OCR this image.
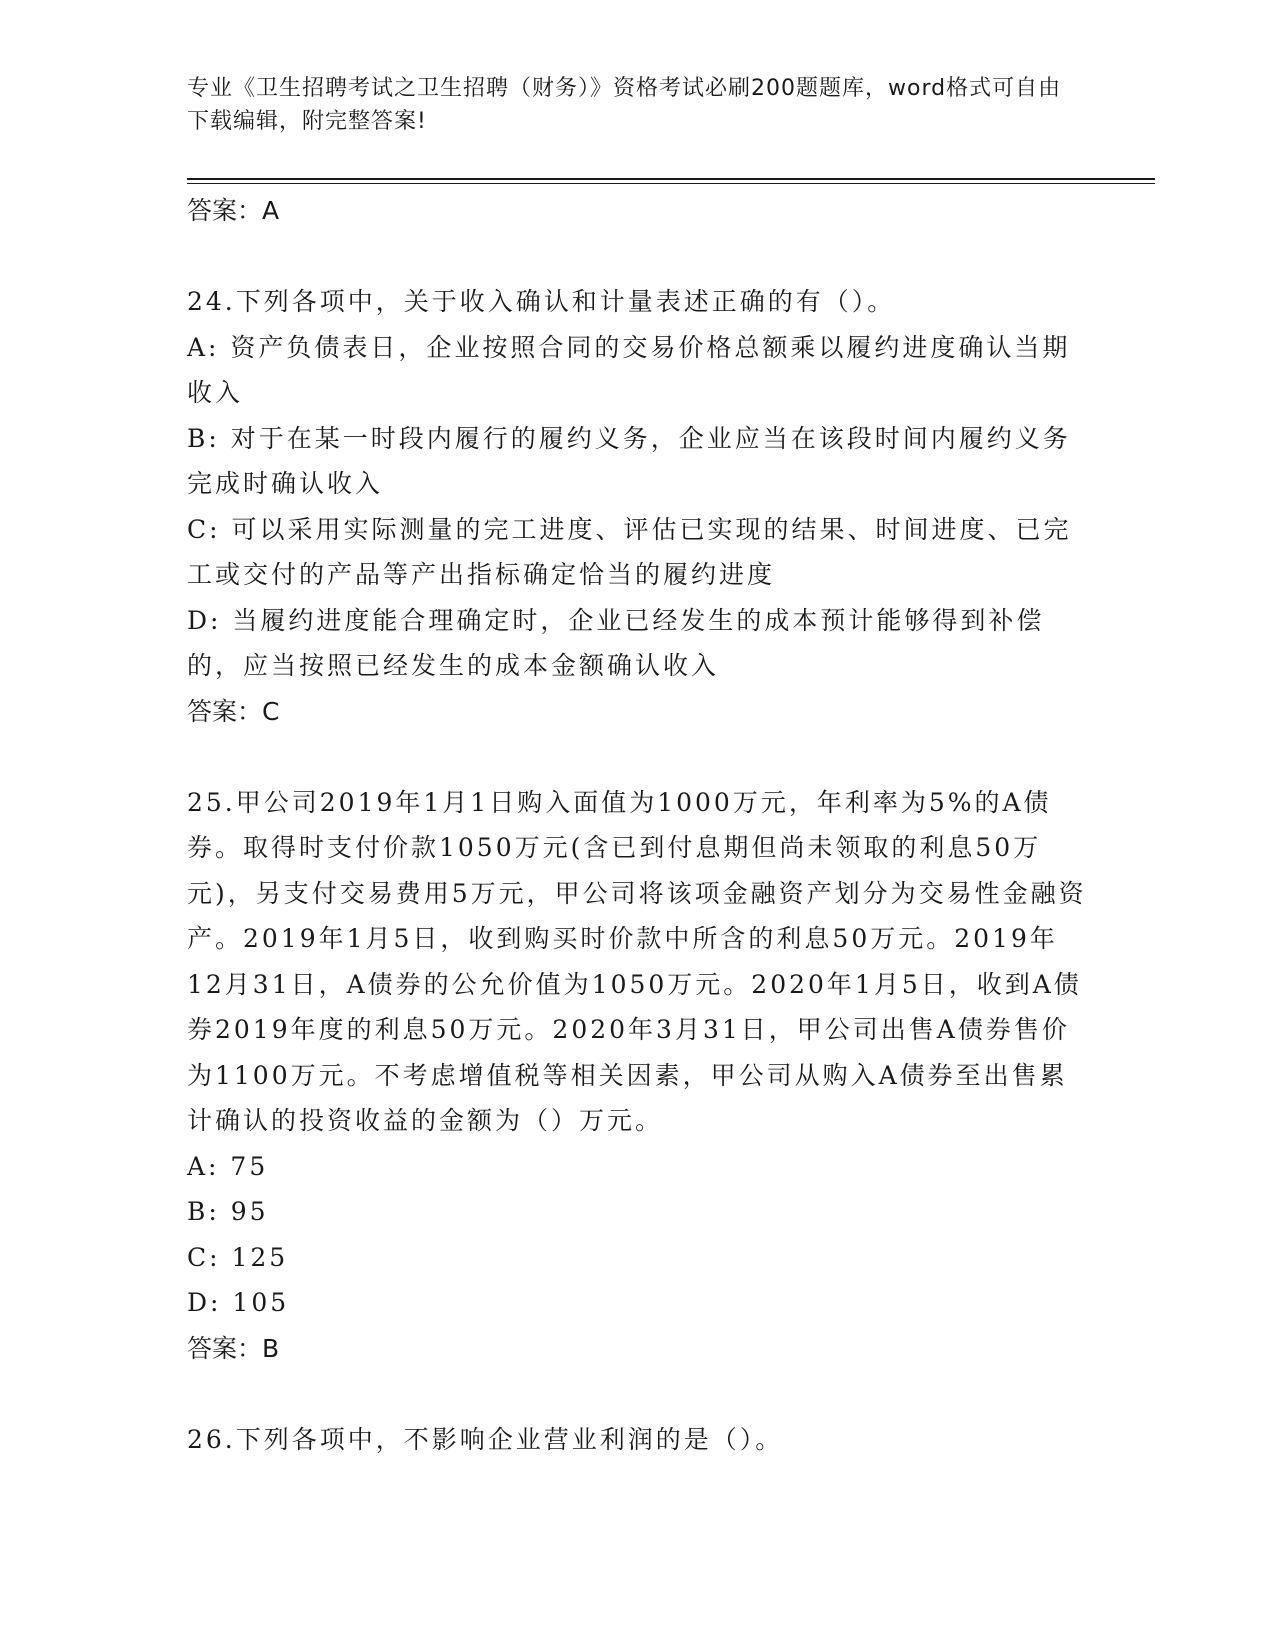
专业《卫生招聘考试之卫生招聘（财务）》资格考试必刷200题题库，word格式可自由下载编辑，附完整答案!

答案：A

24.下列各项中，关于收入确认和计量表述正确的有（）。

A: 资产负债表日，企业按照合同的交易价格总额乘以履约进度确认当期收入

B: 对于在某一时段内履行的履约义务，企业应当在该段时间内履约义务完成时确认收入

C: 可以采用实际测量的完工进度、评估已实现的结果、时间进度、已完工或交付的产品等产出指标确定恰当的履约进度

D: 当履约进度能合理确定时，企业已经发生的成本预计能够得到补偿的，应当按照已经发生的成本金额确认收入

答案：C

25.甲公司2019年1月1日购入面值为1000万元，年利率为5%的A债券。取得时支付价款1050万元(含已到付息期但尚未领取的利息50万元)，另支付交易费用5万元，甲公司将该项金融资产划分为交易性金融资产。2019年1月5日，收到购买时价款中所含的利息50万元。2019年12月31日，A债券的公允价值为1050万元。2020年1月5日，收到A债券2019年度的利息50万元。2020年3月31日，甲公司出售A债券售价为1100万元。不考虑增值税等相关因素，甲公司从购入A债券至出售累计确认的投资收益的金额为（）万元。

A: 75

B: 95

C: 125

D: 105

答案：B

26.下列各项中，不影响企业营业利润的是（）。
